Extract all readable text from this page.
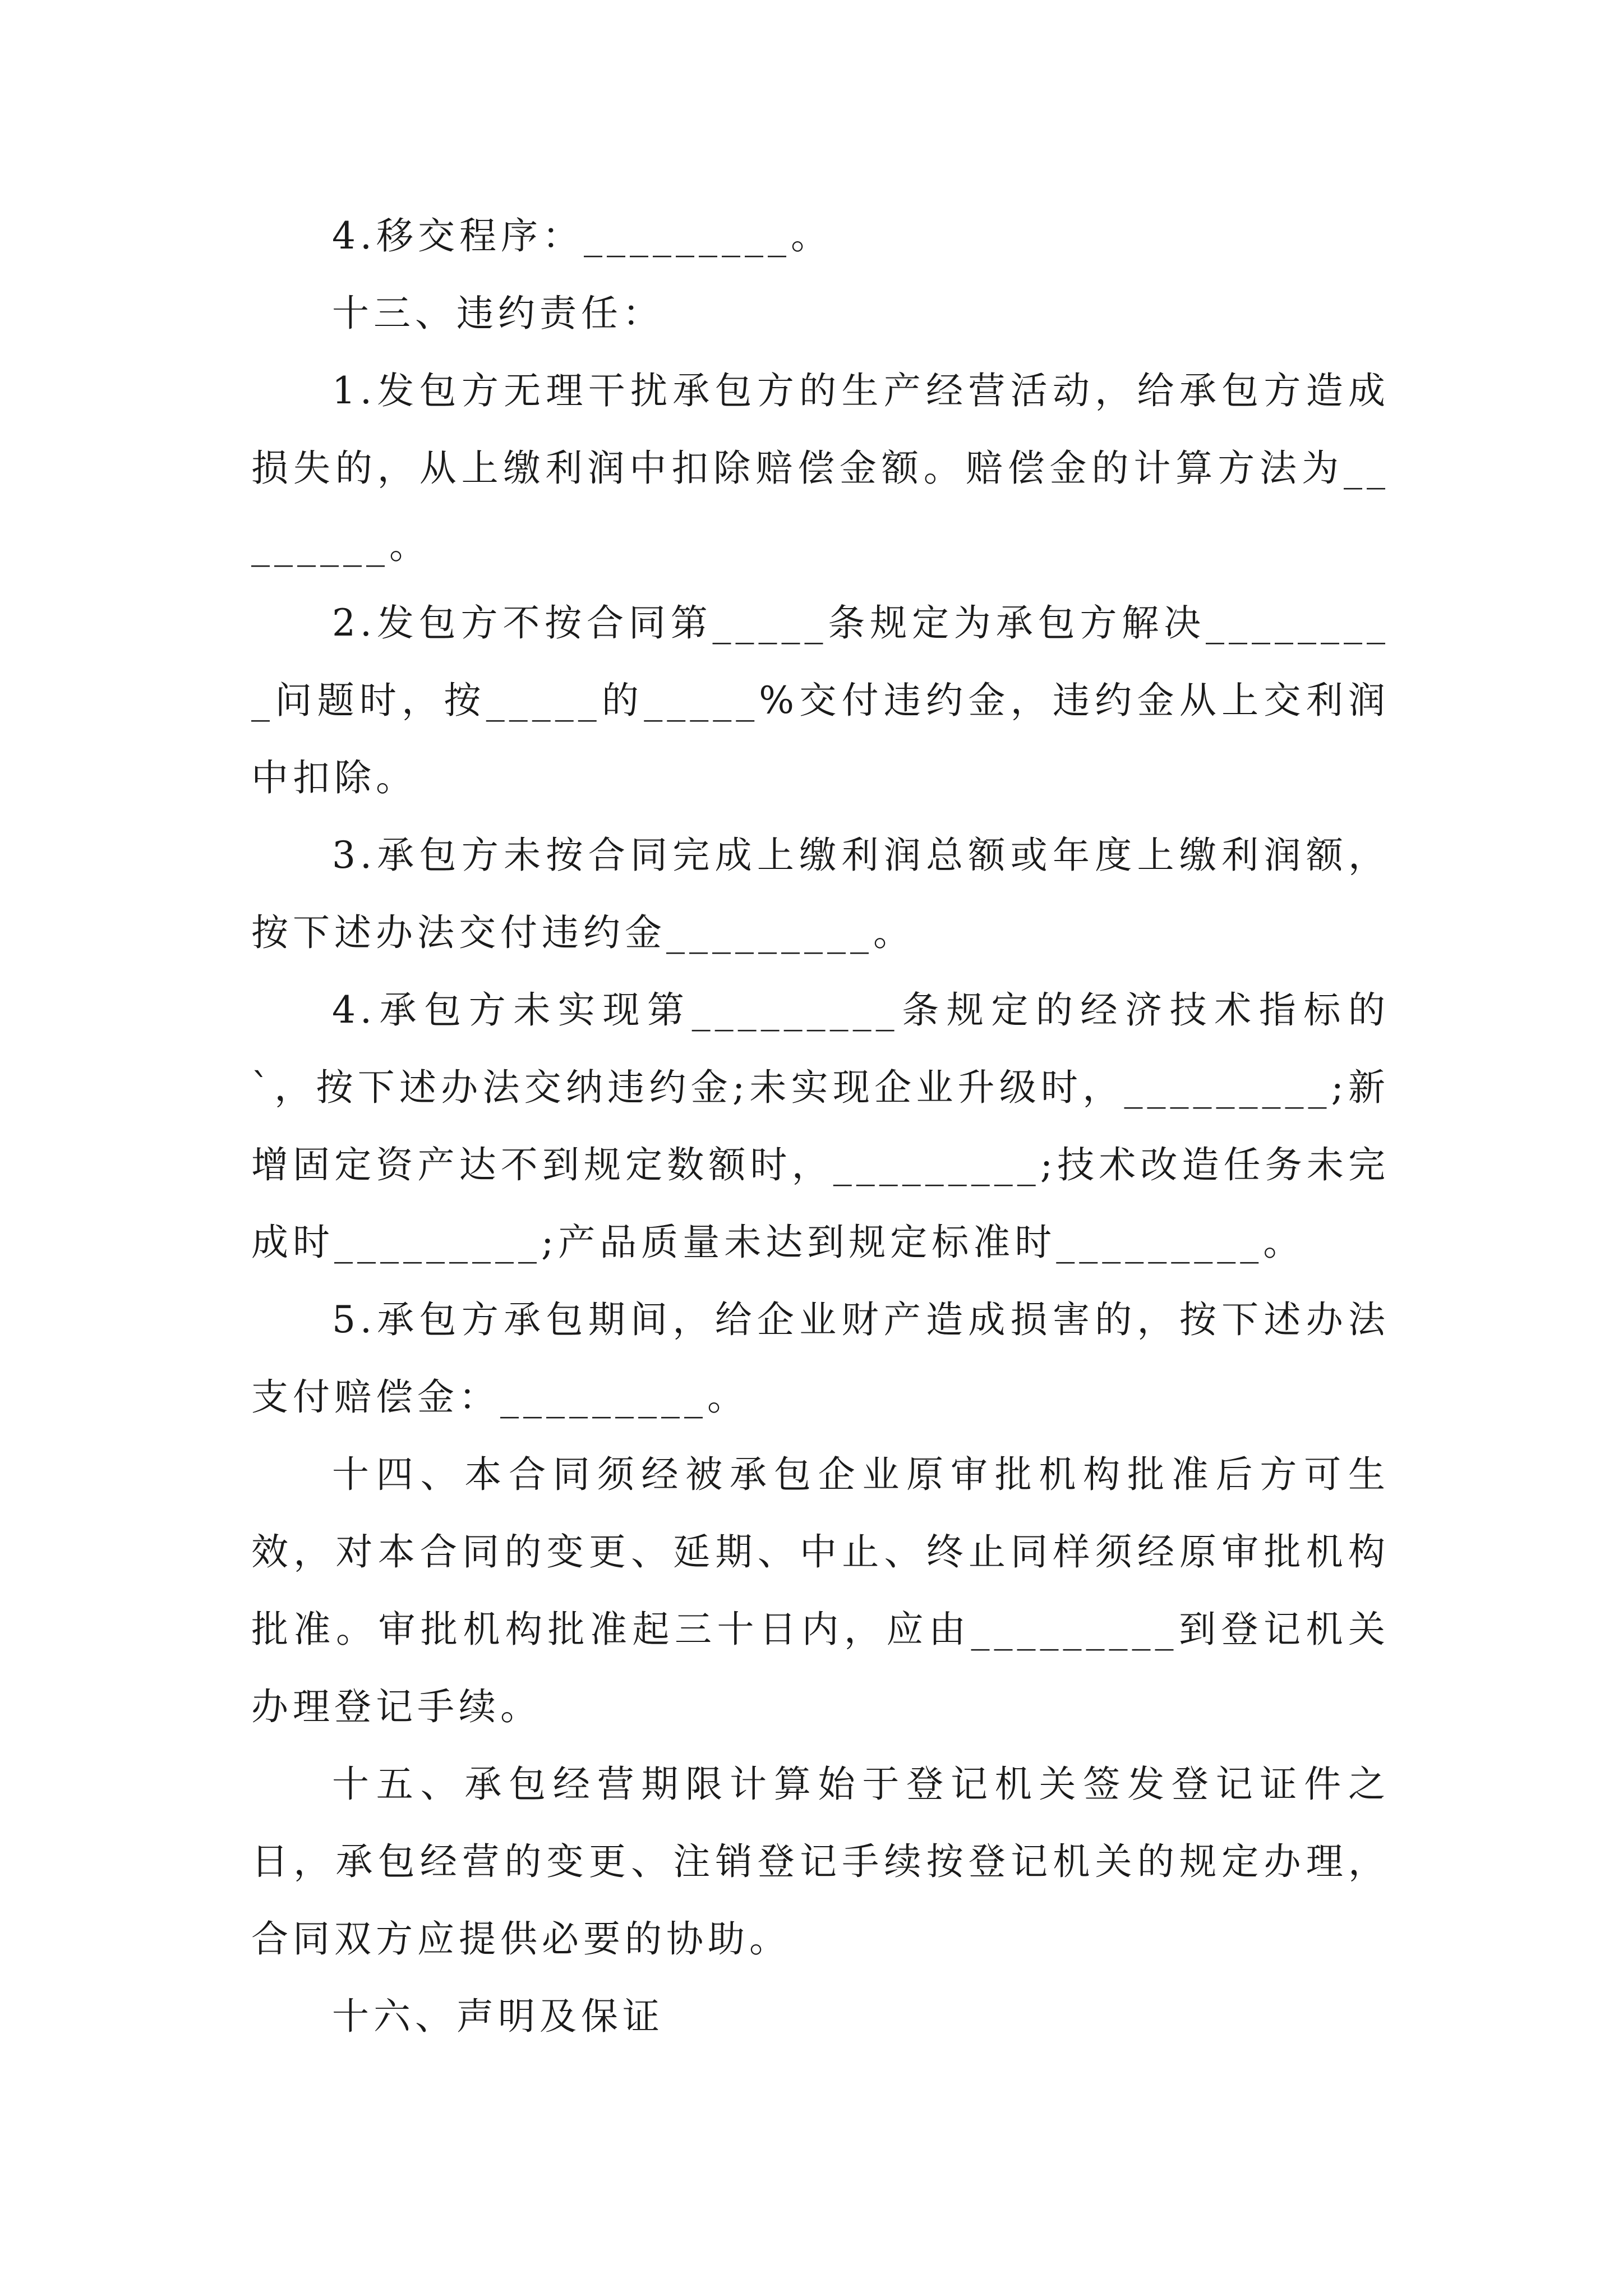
4.移交程序：_________。

十三、违约责任：

1.发包方无理干扰承包方的生产经营活动，给承包方造成损失的，从上缴利润中扣除赔偿金额。赔偿金的计算方法为________。

2.发包方不按合同第_____条规定为承包方解决_________问题时，按_____的_____%交付违约金，违约金从上交利润中扣除。

3.承包方未按合同完成上缴利润总额或年度上缴利润额，按下述办法交付违约金_________。

4.承包方未实现第_________条规定的经济技术指标的`，按下述办法交纳违约金;未实现企业升级时，_________;新增固定资产达不到规定数额时，_________;技术改造任务未完成时_________;产品质量未达到规定标准时_________。

5.承包方承包期间，给企业财产造成损害的，按下述办法支付赔偿金：_________。

十四、本合同须经被承包企业原审批机构批准后方可生效，对本合同的变更、延期、中止、终止同样须经原审批机构批准。审批机构批准起三十日内，应由_________到登记机关办理登记手续。

十五、承包经营期限计算始于登记机关签发登记证件之日，承包经营的变更、注销登记手续按登记机关的规定办理，合同双方应提供必要的协助。

十六、声明及保证
